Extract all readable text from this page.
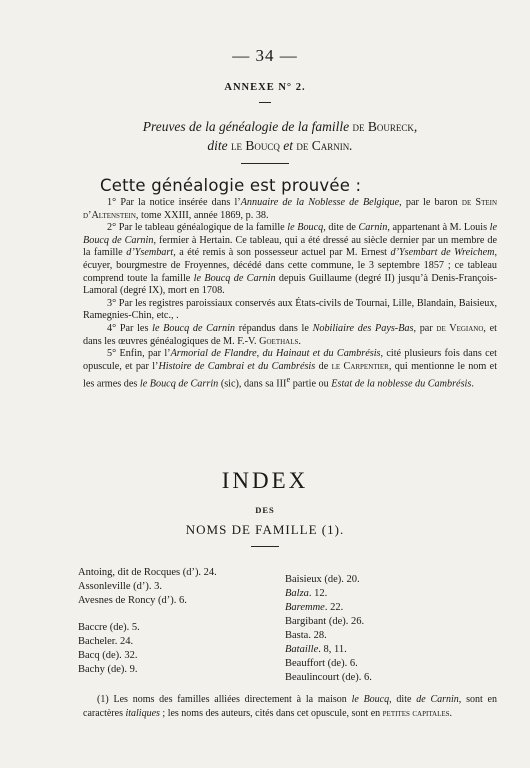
— 34 —
ANNEXE N° 2.
Preuves de la généalogie de la famille de Boureck,
dite le Boucq et de Carnin.
Cette généalogie est prouvée :

1° Par la notice insérée dans l’Annuaire de la Noblesse de Belgique, par le baron de Stein d’Altenstein, tome XXIII, année 1869, p. 38.

2° Par le tableau généalogique de la famille le Boucq, dite de Carnin, appartenant à M. Louis le Boucq de Carnin, fermier à Hertain. Ce tableau, qui a été dressé au siècle dernier par un membre de la famille d’Ysembart, a été remis à son possesseur actuel par M. Ernest d’Ysembart de Wreichem, écuyer, bourgmestre de Froyennes, décédé dans cette commune, le 3 septembre 1857 ; ce tableau comprend toute la famille le Boucq de Carnin depuis Guillaume (degré II) jusqu’à Denis-François-Lamoral (degré IX), mort en 1708.

3° Par les registres paroissiaux conservés aux États-civils de Tournai, Lille, Blandain, Baisieux, Ramegnies-Chin, etc., .

4° Par les le Boucq de Carnin répandus dans le Nobiliaire des Pays-Bas, par de Vegiano, et dans les œuvres généalogiques de M. F.-V. Goethals.

5° Enfin, par l’Armorial de Flandre, du Hainaut et du Cambrésis, cité plusieurs fois dans cet opuscule, et par l’Histoire de Cambrai et du Cambrésis de le Carpentier, qui mentionne le nom et les armes des le Boucq de Carrin (sic), dans sa IIIe partie ou Estat de la noblesse du Cambrésis.

INDEX
DES
NOMS DE FAMILLE (1).
Antoing, dit de Rocques (d’). 24.
Assonleville (d’). 3.
Avesnes de Roncy (d’). 6.
Baccre (de). 5.
Bacheler. 24.
Bacq (de). 32.
Bachy (de). 9.
Baisieux (de). 20.
Balza. 12.
Baremme. 22.
Bargibant (de). 26.
Basta. 28.
Bataille. 8, 11.
Beauffort (de). 6.
Beaulincourt (de). 6.
(1) Les noms des familles alliées directement à la maison le Boucq, dite de Carnin, sont en caractères italiques ; les noms des auteurs, cités dans cet opuscule, sont en petites capitales.
